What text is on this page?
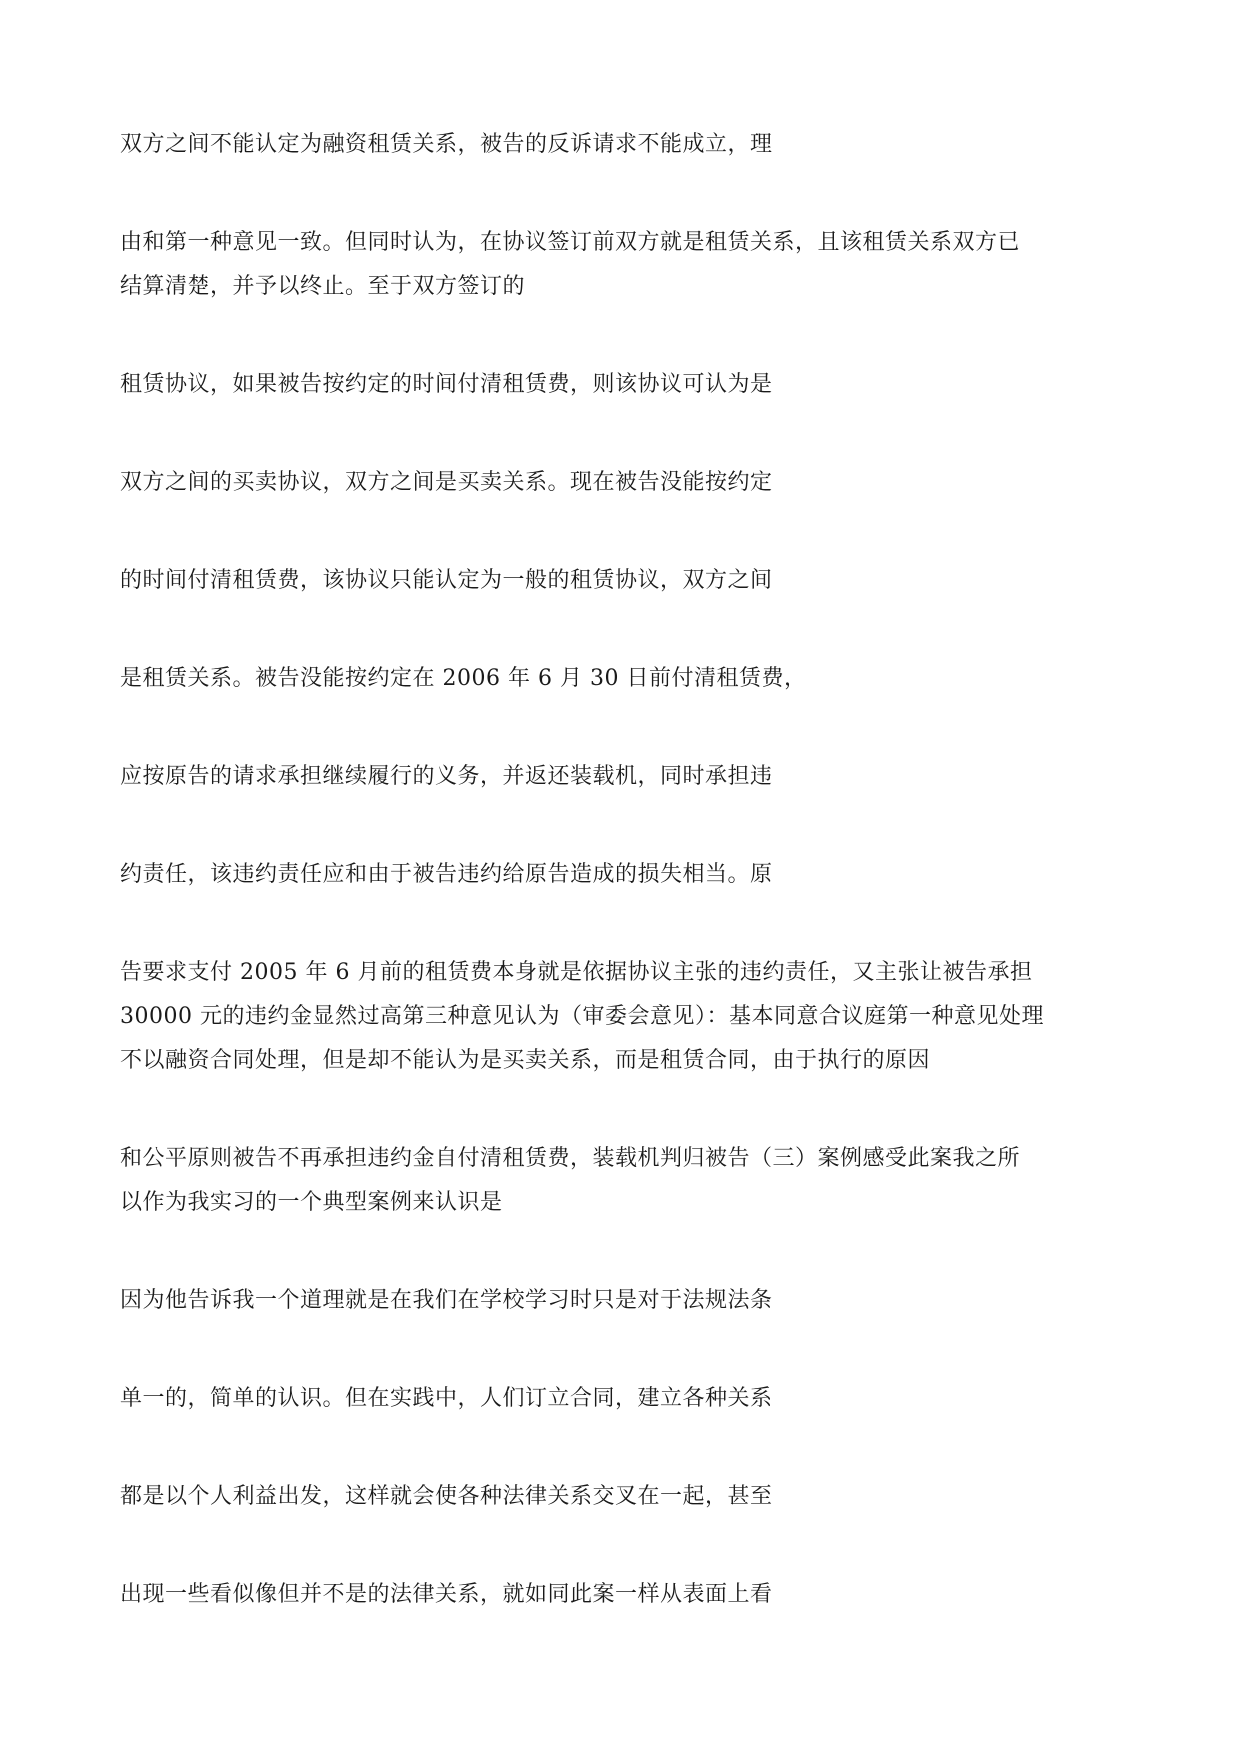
双方之间不能认定为融资租赁关系，被告的反诉请求不能成立，理
由和第一种意见一致。但同时认为，在协议签订前双方就是租赁关系，且该租赁关系双方已
结算清楚，并予以终止。至于双方签订的
租赁协议，如果被告按约定的时间付清租赁费，则该协议可认为是
双方之间的买卖协议，双方之间是买卖关系。现在被告没能按约定
的时间付清租赁费，该协议只能认定为一般的租赁协议，双方之间
是租赁关系。被告没能按约定在 2006 年 6 月 30 日前付清租赁费，
应按原告的请求承担继续履行的义务，并返还装载机，同时承担违
约责任，该违约责任应和由于被告违约给原告造成的损失相当。原
告要求支付 2005 年 6 月前的租赁费本身就是依据协议主张的违约责任，又主张让被告承担
30000 元的违约金显然过高第三种意见认为（审委会意见）：基本同意合议庭第一种意见处理
不以融资合同处理，但是却不能认为是买卖关系，而是租赁合同，由于执行的原因
和公平原则被告不再承担违约金自付清租赁费，装载机判归被告（三）案例感受此案我之所
以作为我实习的一个典型案例来认识是
因为他告诉我一个道理就是在我们在学校学习时只是对于法规法条
单一的，简单的认识。但在实践中，人们订立合同，建立各种关系
都是以个人利益出发，这样就会使各种法律关系交叉在一起，甚至
出现一些看似像但并不是的法律关系，就如同此案一样从表面上看
